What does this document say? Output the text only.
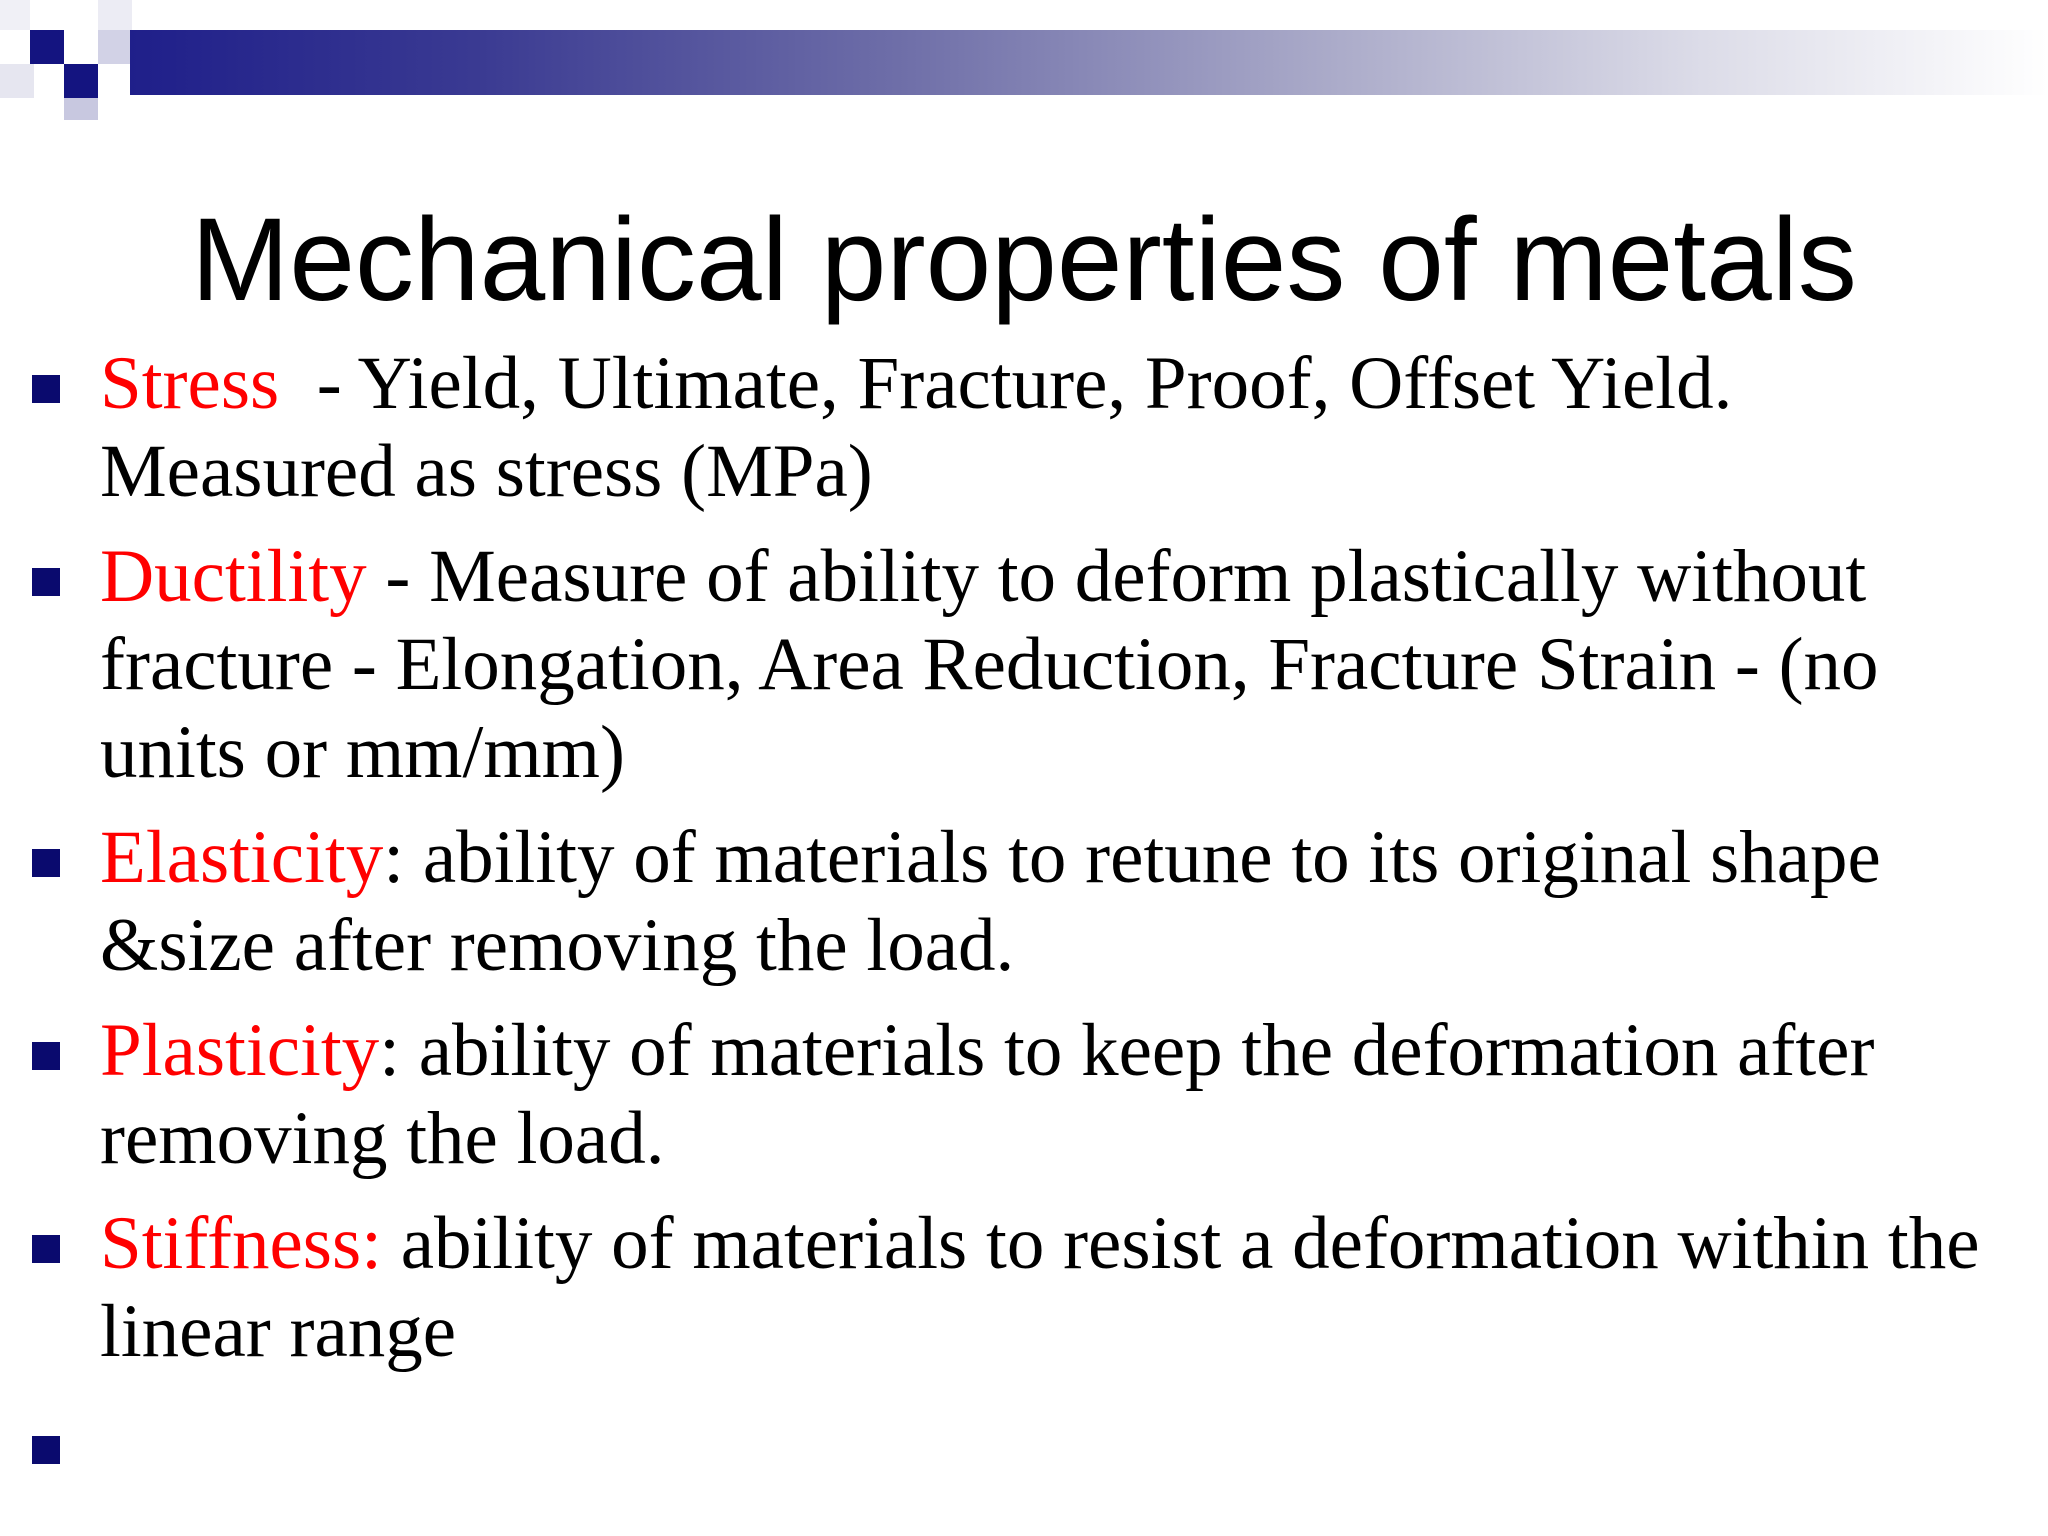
Mechanical properties of metals
Stress  - Yield, Ultimate, Fracture, Proof, Offset Yield. Measured as stress (MPa)
Ductility - Measure of ability to deform plastically without fracture - Elongation, Area Reduction, Fracture Strain - (no units or mm/mm)
Elasticity: ability of materials to retune to its original shape &size after removing the load.
Plasticity: ability of materials to keep the deformation after removing the load.
Stiffness: ability of materials to resist a deformation within the linear range
